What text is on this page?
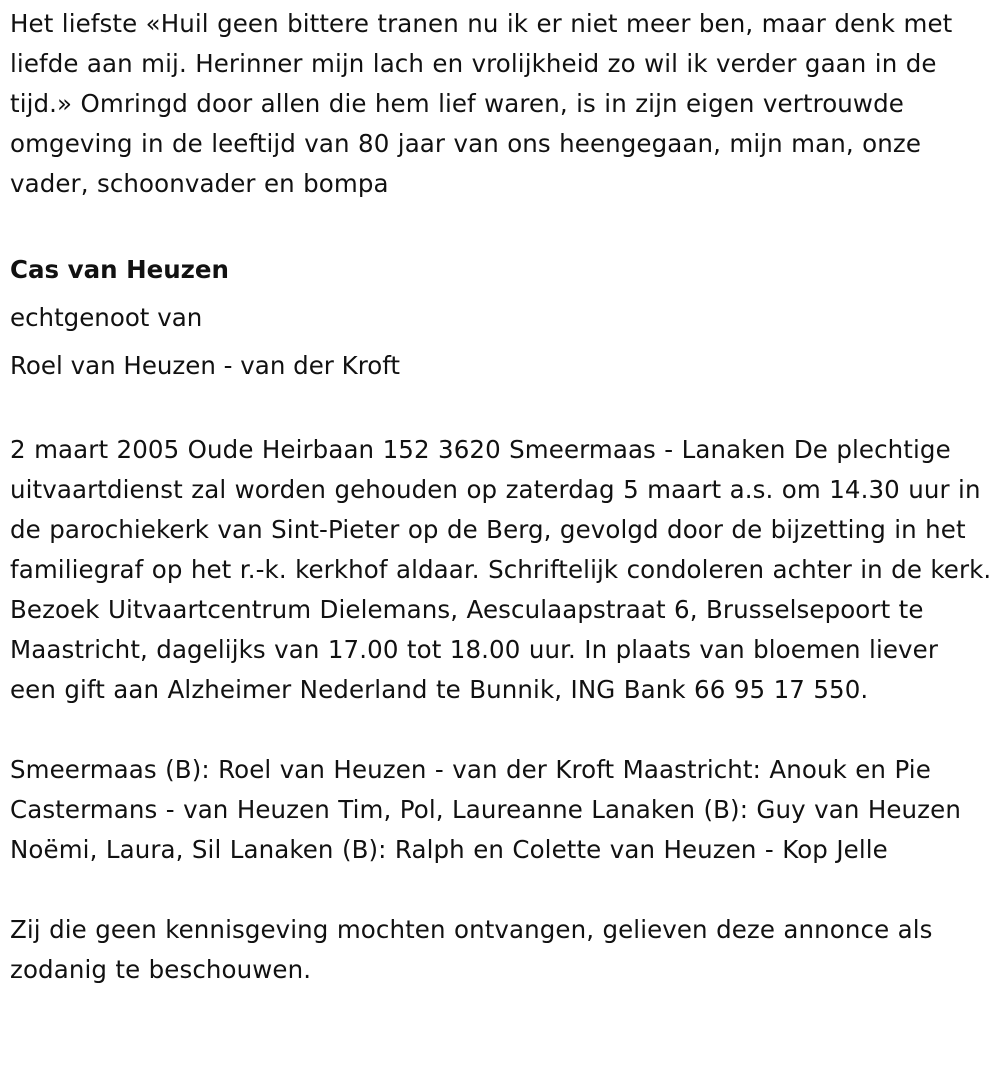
Het liefste «Huil geen bittere tranen nu ik er niet meer ben, maar denk met liefde aan mij. Herinner mijn lach en vrolijkheid zo wil ik verder gaan in de tijd.» Omringd door allen die hem lief waren, is in zijn eigen vertrouwde omgeving in de leeftijd van 80 jaar van ons heengegaan, mijn man, onze vader, schoonvader en bompa

Cas van Heuzen

echtgenoot van

Roel van Heuzen - van der Kroft

2 maart 2005 Oude Heirbaan 152 3620 Smeermaas - Lanaken De plechtige uitvaartdienst zal worden gehouden op zaterdag 5 maart a.s. om 14.30 uur in de parochiekerk van Sint-Pieter op de Berg, gevolgd door de bijzetting in het familiegraf op het r.-k. kerkhof aldaar. Schriftelijk condoleren achter in de kerk. Bezoek Uitvaartcentrum Dielemans, Aesculaapstraat 6, Brusselsepoort te Maastricht, dagelijks van 17.00 tot 18.00 uur. In plaats van bloemen liever een gift aan Alzheimer Nederland te Bunnik, ING Bank 66 95 17 550.

Smeermaas (B): Roel van Heuzen - van der Kroft Maastricht: Anouk en Pie Castermans - van Heuzen Tim, Pol, Laureanne Lanaken (B): Guy van Heuzen Noëmi, Laura, Sil Lanaken (B): Ralph en Colette van Heuzen - Kop Jelle

Zij die geen kennisgeving mochten ontvangen, gelieven deze annonce als zodanig te beschouwen.
